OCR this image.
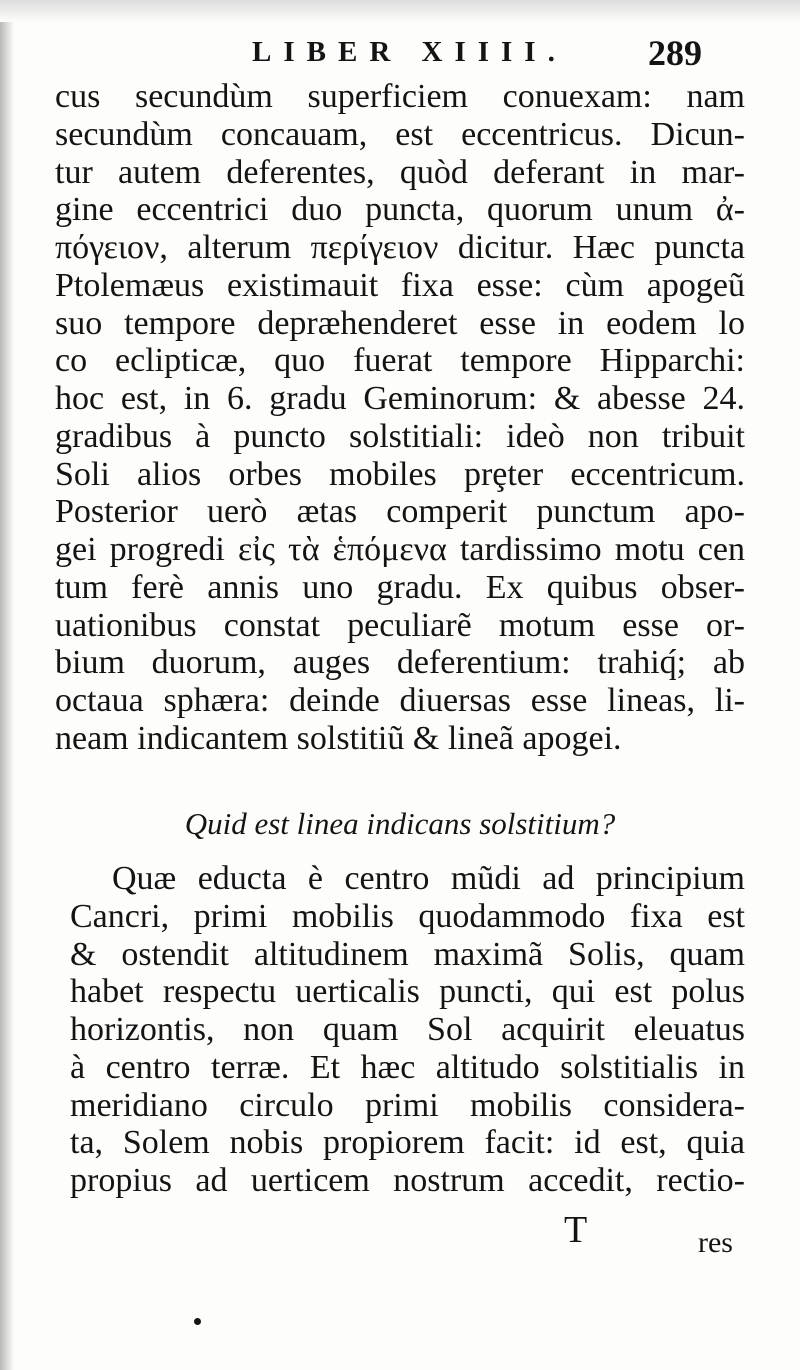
LIBER XIIII. 289
cus secundùm superficiem conuexam: nam
secundùm concauam, est eccentricus. Dicun-
tur autem deferentes, quòd deferant in mar-
gine eccentrici duo puncta, quorum unum ἀ-
πόγειον, alterum περίγειον dicitur. Hæc puncta
Ptolemæus existimauit fixa esse: cùm apogeũ
suo tempore depræhenderet esse in eodem lo
co eclipticæ, quo fuerat tempore Hipparchi:
hoc est, in 6. gradu Geminorum: & abesse 24.
gradibus à puncto solstitiali: ideò non tribuit
Soli alios orbes mobiles prȩter eccentricum.
Posterior uerò ætas comperit punctum apo-
gei progredi εἰς τὰ ἑπόμενα tardissimo motu cen
tum ferè annis uno gradu. Ex quibus obser-
uationibus constat peculiarẽ motum esse or-
bium duorum, auges deferentium: trahiq́; ab
octaua sphæra: deinde diuersas esse lineas, li-
neam indicantem solstitiũ & lineã apogei.
Quid est linea indicans solstitium?
Quæ educta è centro mũdi ad principium
Cancri, primi mobilis quodammodo fixa est
& ostendit altitudinem maximã Solis, quam
habet respectu uerticalis puncti, qui est polus
horizontis, non quam Sol acquirit eleuatus
à centro terræ. Et hæc altitudo solstitialis in
meridiano circulo primi mobilis considera-
ta, Solem nobis propiorem facit: id est, quia
propius ad uerticem nostrum accedit, rectio-
T	res
